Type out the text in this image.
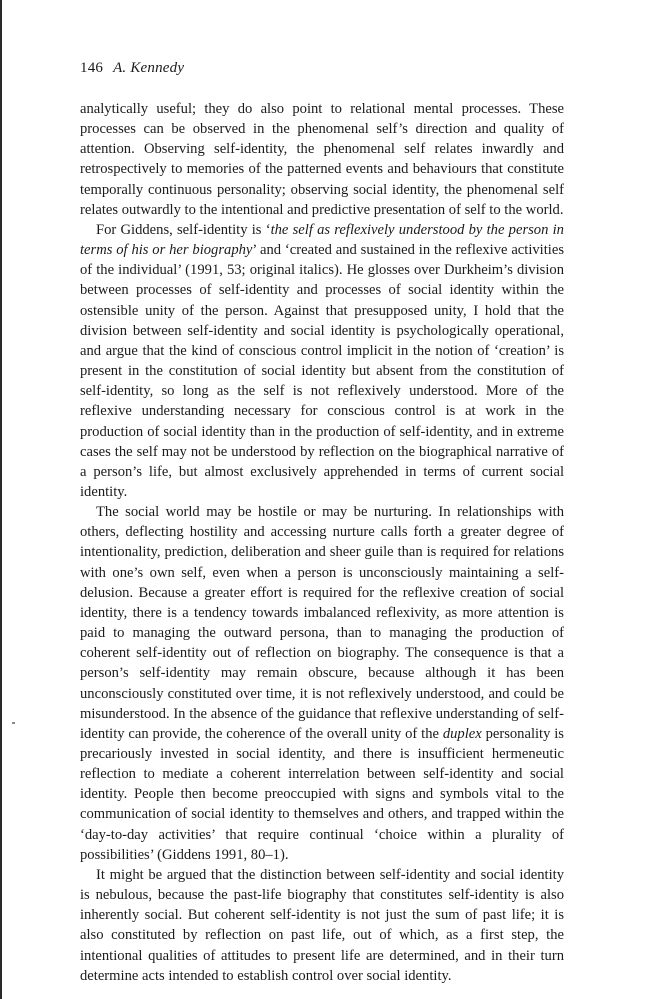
146 A. Kennedy

analytically useful; they do also point to relational mental processes. These processes can be observed in the phenomenal self’s direction and quality of attention. Observing self-identity, the phenomenal self relates inwardly and retrospectively to memories of the patterned events and behaviours that constitute temporally continuous personality; observing social identity, the phenomenal self relates outwardly to the intentional and predictive presentation of self to the world.

For Giddens, self-identity is ‘the self as reflexively understood by the person in terms of his or her biography’ and ‘created and sustained in the reflexive activities of the individual’ (1991, 53; original italics). He glosses over Durkheim’s division between processes of self-identity and processes of social identity within the ostensible unity of the person. Against that presupposed unity, I hold that the division between self-identity and social identity is psychologically operational, and argue that the kind of conscious control implicit in the notion of ‘creation’ is present in the constitution of social identity but absent from the constitution of self-identity, so long as the self is not reflexively understood. More of the reflexive understanding necessary for conscious control is at work in the production of social identity than in the production of self-identity, and in extreme cases the self may not be understood by reflection on the biographical narrative of a person’s life, but almost exclusively apprehended in terms of current social identity.

The social world may be hostile or may be nurturing. In relationships with others, deflecting hostility and accessing nurture calls forth a greater degree of intentionality, prediction, deliberation and sheer guile than is required for relations with one’s own self, even when a person is unconsciously maintaining a self-delusion. Because a greater effort is required for the reflexive creation of social identity, there is a tendency towards imbalanced reflexivity, as more attention is paid to managing the outward persona, than to managing the production of coherent self-identity out of reflection on biography. The consequence is that a person’s self-identity may remain obscure, because although it has been unconsciously constituted over time, it is not reflexively understood, and could be misunderstood. In the absence of the guidance that reflexive understanding of self-identity can provide, the coherence of the overall unity of the duplex personality is precariously invested in social identity, and there is insufficient hermeneutic reflection to mediate a coherent interrelation between self-identity and social identity. People then become preoccupied with signs and symbols vital to the communication of social identity to themselves and others, and trapped within the ‘day-to-day activities’ that require continual ‘choice within a plurality of possibilities’ (Giddens 1991, 80–1).

It might be argued that the distinction between self-identity and social identity is nebulous, because the past-life biography that constitutes self-identity is also inherently social. But coherent self-identity is not just the sum of past life; it is also constituted by reflection on past life, out of which, as a first step, the intentional qualities of attitudes to present life are determined, and in their turn determine acts intended to establish control over social identity.
